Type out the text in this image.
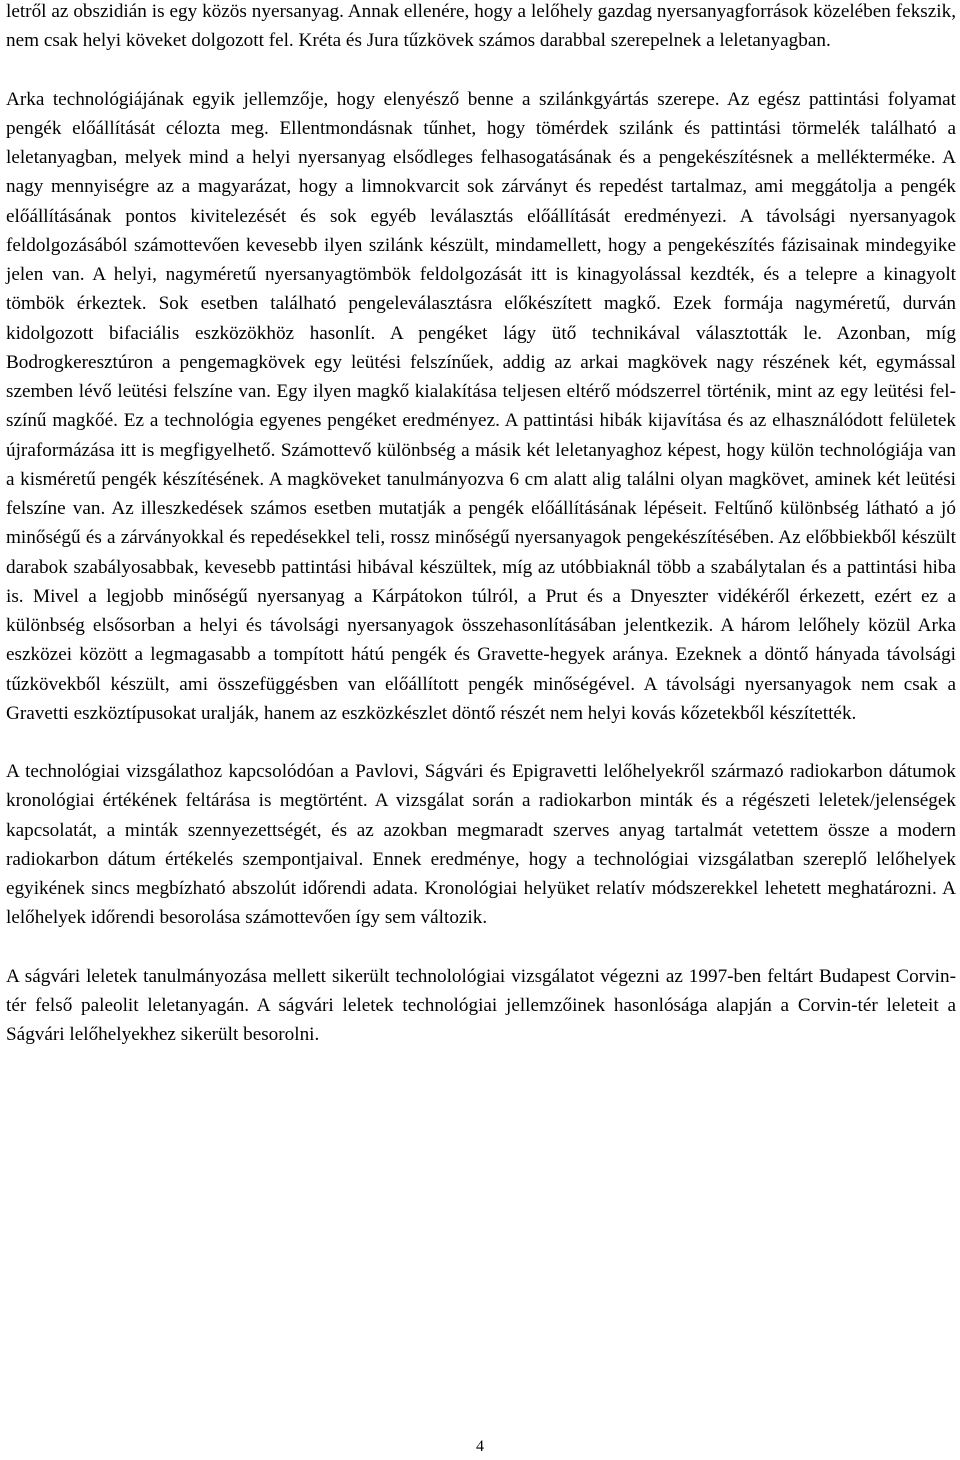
letről az obszidián is egy közös nyersanyag. Annak ellenére, hogy a lelőhely gazdag nyersanyagforrások közelében fekszik, nem csak helyi köveket dolgozott fel. Kréta és Jura tűzkövek számos darabbal szerepelnek a leletanyagban.

Arka technológiájának egyik jellemzője, hogy elenyésző benne a szilánkgyártás szerepe. Az egész pattintási folyamat pengék előállítását célozta meg. Ellentmondásnak tűnhet, hogy tömérdek szilánk és pattintási törmelék található a leletanyagban, melyek mind a helyi nyersanyag elsődleges felhasogatásának és a pengekészítésnek a mellékterméke. A nagy mennyiségre az a magyarázat, hogy a limnokvarcit sok zárványt és repedést tartalmaz, ami meggátolja a pengék előállításának pontos kivitelezését és sok egyéb leválasztás előállítását eredményezi. A távolsági nyersanyagok feldolgozásából számottevően kevesebb ilyen szilánk készült, mindamellett, hogy a pengekészítés fázisainak mindegyike jelen van. A helyi, nagyméretű nyersanyagtömbök feldolgozását itt is kinagyolással kezdték, és a telepre a kinagyolt tömbök érkeztek. Sok esetben található pengeleválasztásra előkészített magkő. Ezek formája nagyméretű, durván kidolgozott bifaciális eszközökhöz hasonlít. A pengéket lágy ütő technikával választották le. Azonban, míg Bodrogkeresztúron a pengemagkövek egy leütési felszínűek, addig az arkai magkövek nagy részének két, egymással szemben lévő leütési felszíne van. Egy ilyen magkő kialakítása teljesen eltérő módszerrel történik, mint az egy leütési felszínű magkőé. Ez a technológia egyenes pengéket eredményez. A pattintási hibák kijavítása és az elhasználódott felületek újraformázása itt is megfigyelhető. Számottevő különbség a másik két leletanyaghoz képest, hogy külön technológiája van a kisméretű pengék készítésének. A magköveket tanulmányozva 6 cm alatt alig találni olyan magkövet, aminek két leütési felszíne van. Az illeszkedések számos esetben mutatják a pengék előállításának lépéseit. Feltűnő különbség látható a jó minőségű és a zárványokkal és repedésekkel teli, rossz minőségű nyersanyagok pengekészítésében. Az előbbiekből készült darabok szabályosabbak, kevesebb pattintási hibával készültek, míg az utóbbiaknál több a szabálytalan és a pattintási hiba is. Mivel a legjobb minőségű nyersanyag a Kárpátokon túlról, a Prut és a Dnyeszter vidékéről érkezett, ezért ez a különbség elsősorban a helyi és távolsági nyersanyagok összehasonlításában jelentkezik. A három lelőhely közül Arka eszközei között a legmagasabb a tompított hátú pengék és Gravette-hegyek aránya. Ezeknek a döntő hányada távolsági tűzkövekből készült, ami összefüggésben van előállított pengék minőségével. A távolsági nyersanyagok nem csak a Gravetti eszköztípusokat uralják, hanem az eszközkészlet döntő részét nem helyi kovás kőzetekből készítették.

A technológiai vizsgálathoz kapcsolódóan a Pavlovi, Ságvári és Epigravetti lelőhelyekről származó radiokarbon dátumok kronológiai értékének feltárása is megtörtént. A vizsgálat során a radiokarbon minták és a régészeti leletek/jelenségek kapcsolatát, a minták szennyezettségét, és az azokban megmaradt szerves anyag tartalmát vetettem össze a modern radiokarbon dátum értékelés szempontjaival. Ennek eredménye, hogy a technológiai vizsgálatban szereplő lelőhelyek egyikének sincs megbízható abszolút időrendi adata. Kronológiai helyüket relatív módszerekkel lehetett meghatározni. A lelőhelyek időrendi besorolása számottevően így sem változik.

A ságvári leletek tanulmányozása mellett sikerült technolológiai vizsgálatot végezni az 1997-ben feltárt Budapest Corvin-tér felső paleolit leletanyagán. A ságvári leletek technológiai jellemzőinek hasonlósága alapján a Corvin-tér leleteit a Ságvári lelőhelyekhez sikerült besorolni.

4
